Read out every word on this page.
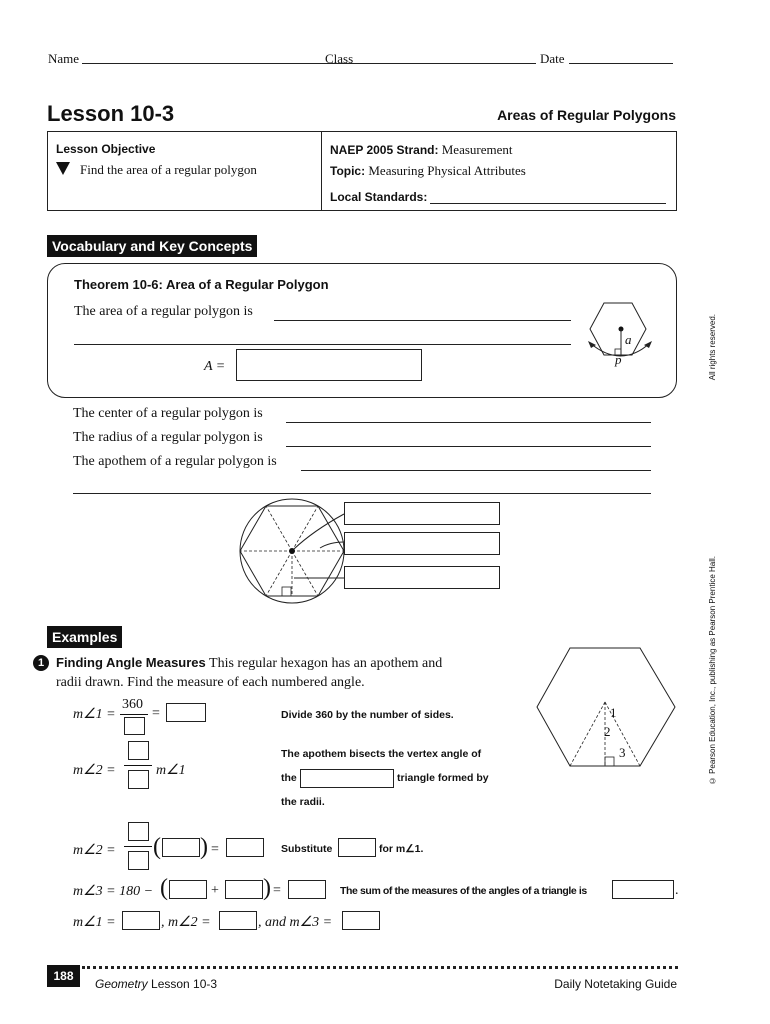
Name	Class	Date
Lesson 10-3	Areas of Regular Polygons
Lesson Objective
Find the area of a regular polygon
NAEP 2005 Strand: Measurement
Topic: Measuring Physical Attributes
Local Standards:
Vocabulary and Key Concepts
Theorem 10-6: Area of a Regular Polygon
The area of a regular polygon is
A =
a
p
The center of a regular polygon is
The radius of a regular polygon is
The apothem of a regular polygon is
Examples
1 Finding Angle Measures This regular hexagon has an apothem and
radii drawn. Find the measure of each numbered angle.
1
2
3
m∠1 =
360
=	Divide 360 by the number of sides.
m∠2 =	m∠1
The apothem bisects the vertex angle of
the	triangle formed by
the radii.
m∠2 = ( ) =	Substitute	for m∠1.
m∠3 = 180 − (	+ ) =	The sum of the measures of the angles of a triangle is	.
m∠1 =	, m∠2 =	, and m∠3 =
188
Geometry Lesson 10-3	Daily Notetaking Guide
All rights reserved.
© Pearson Education, Inc., publishing as Pearson Prentice Hall.
